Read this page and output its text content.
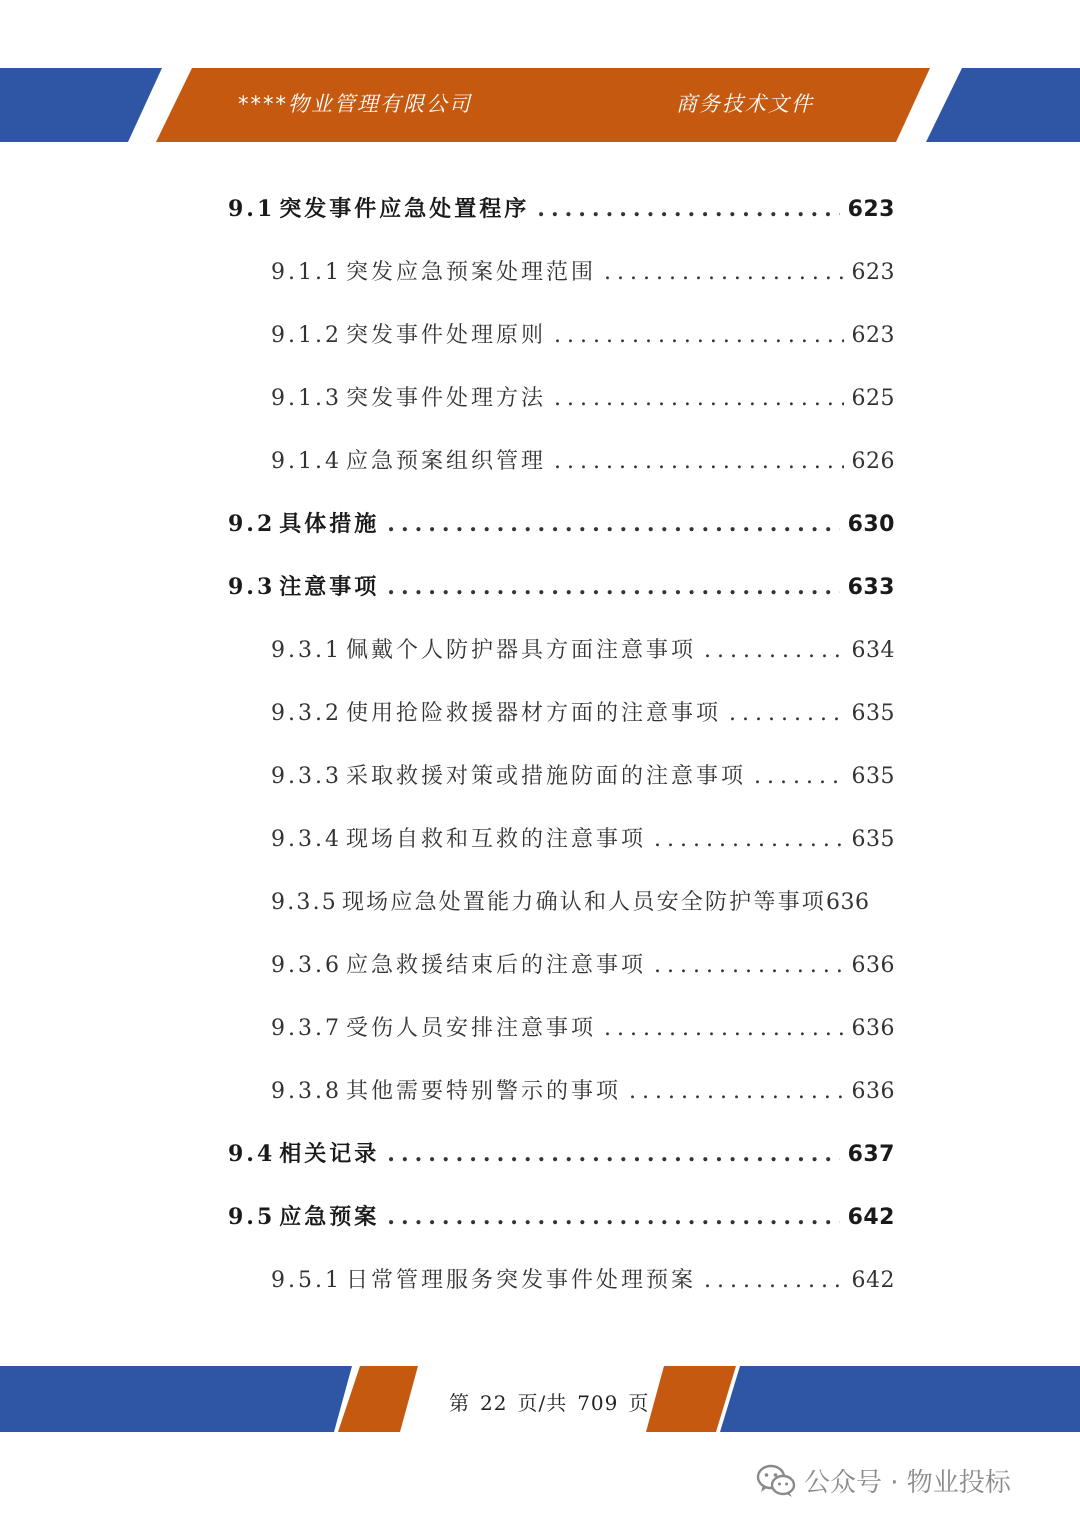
****物业管理有限公司	商务技术文件
9.1 突发事件应急处置程序 .....	623
9.1.1 突发应急预案处理范围 .....	623
9.1.2 突发事件处理原则 .....	623
9.1.3 突发事件处理方法 .....	625
9.1.4 应急预案组织管理 .....	626
9.2 具体措施 .....	630
9.3 注意事项 .....	633
9.3.1 佩戴个人防护器具方面注意事项 .....	634
9.3.2 使用抢险救援器材方面的注意事项 .....	635
9.3.3 采取救援对策或措施防面的注意事项 .....	635
9.3.4 现场自救和互救的注意事项 .....	635
9.3.5 现场应急处置能力确认和人员安全防护等事项 636
9.3.6 应急救援结束后的注意事项 .....	636
9.3.7 受伤人员安排注意事项 .....	636
9.3.8 其他需要特别警示的事项 .....	636
9.4 相关记录 .....	637
9.5 应急预案 .....	642
9.5.1 日常管理服务突发事件处理预案 .....	642
第 22 页/共 709 页
公众号 · 物业投标
